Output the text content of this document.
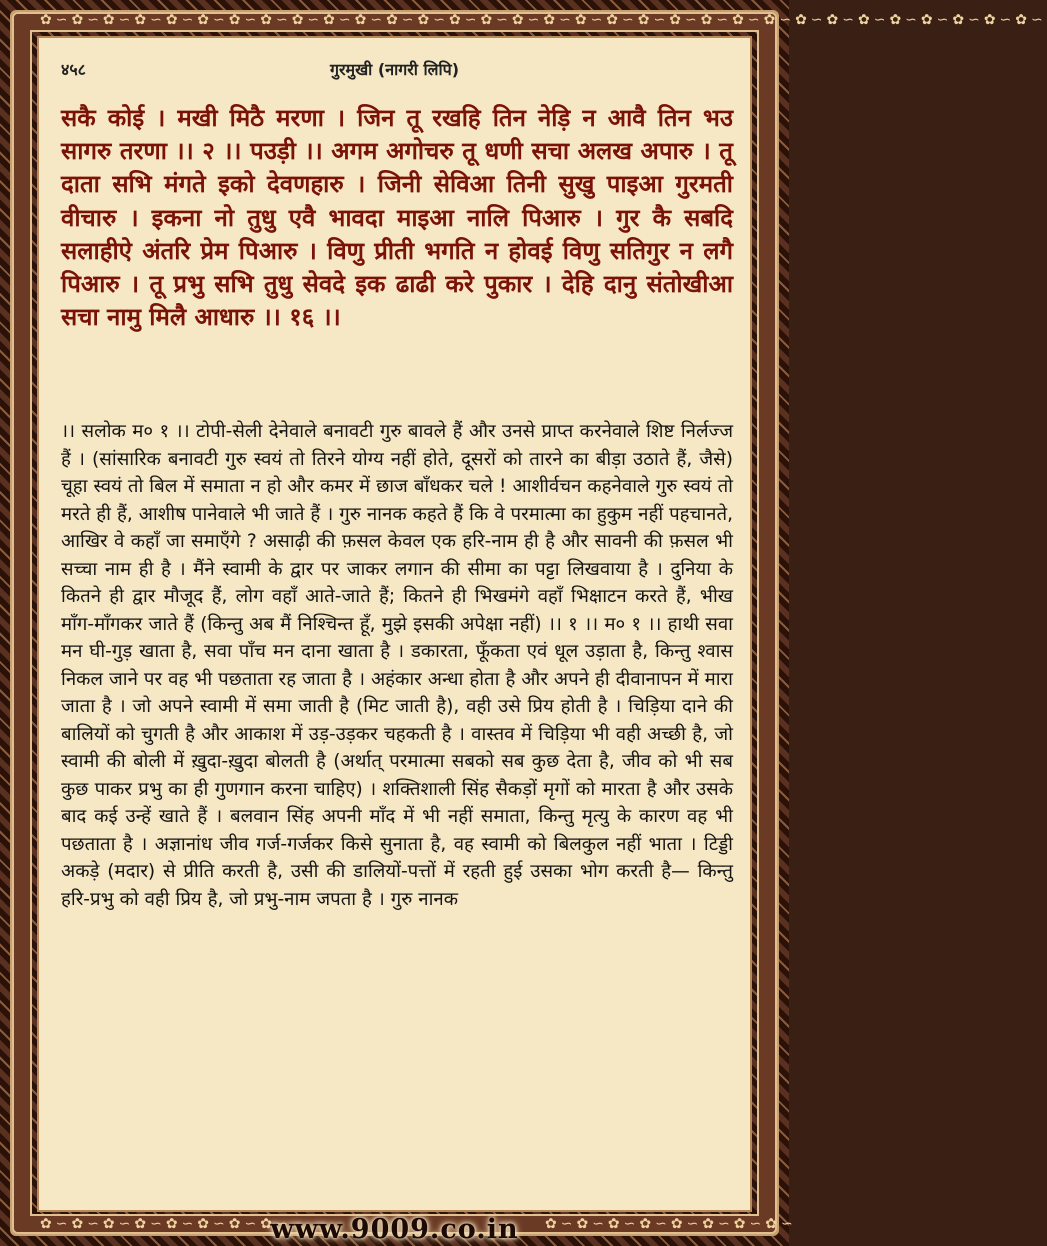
✿∽✿∽✿∽✿∽✿∽✿∽✿∽✿∽✿∽✿∽✿∽✿∽✿∽✿∽✿∽✿∽✿∽✿∽✿∽✿∽✿∽✿∽✿∽✿∽✿∽✿∽✿∽✿∽✿∽✿∽✿∽✿∽
✿∽✿∽✿∽✿∽✿∽✿∽✿∽✿∽	✿∽✿∽✿∽✿∽✿∽✿∽✿∽✿∽
४५८	गुरमुखी (नागरी लिपि)
सकै कोई । मखी मिठै मरणा । जिन तू रखहि तिन नेड़ि न आवै तिन भउ सागरु तरणा ।। २ ।। पउड़ी ।। अगम अगोचरु तू धणी सचा अलख अपारु । तू दाता सभि मंगते इको देवणहारु । जिनी सेविआ तिनी सुखु पाइआ गुरमती वीचारु । इकना नो तुधु एवै भावदा माइआ नालि पिआरु । गुर कै सबदि सलाहीऐ अंतरि प्रेम पिआरु । विणु प्रीती भगति न होवई विणु सतिगुर न लगै पिआरु । तू प्रभु सभि तुधु सेवदे इक ढाढी करे पुकार । देहि दानु संतोखीआ सचा नामु मिलै आधारु ।। १६ ।।
।। सलोक म० १ ।। टोपी-सेली देनेवाले बनावटी गुरु बावले हैं और उनसे प्राप्त करनेवाले शिष्ट निर्लज्ज हैं । (सांसारिक बनावटी गुरु स्वयं तो तिरने योग्य नहीं होते, दूसरों को तारने का बीड़ा उठाते हैं, जैसे) चूहा स्वयं तो बिल में समाता न हो और कमर में छाज बाँधकर चले ! आशीर्वचन कहनेवाले गुरु स्वयं तो मरते ही हैं, आशीष पानेवाले भी जाते हैं । गुरु नानक कहते हैं कि वे परमात्मा का हुकुम नहीं पहचानते, आखिर वे कहाँ जा समाएँगे ? असाढ़ी की फ़सल केवल एक हरि-नाम ही है और सावनी की फ़सल भी सच्चा नाम ही है । मैंने स्वामी के द्वार पर जाकर लगान की सीमा का पट्टा लिखवाया है । दुनिया के कितने ही द्वार मौजूद हैं, लोग वहाँ आते-जाते हैं; कितने ही भिखमंगे वहाँ भिक्षाटन करते हैं, भीख माँग-माँगकर जाते हैं (किन्तु अब मैं निश्चिन्त हूँ, मुझे इसकी अपेक्षा नहीं) ।। १ ।। म० १ ।। हाथी सवा मन घी-गुड़ खाता है, सवा पाँच मन दाना खाता है । डकारता, फूँकता एवं धूल उड़ाता है, किन्तु श्वास निकल जाने पर वह भी पछताता रह जाता है । अहंकार अन्धा होता है और अपने ही दीवानापन में मारा जाता है । जो अपने स्वामी में समा जाती है (मिट जाती है), वही उसे प्रिय होती है । चिड़िया दाने की बालियों को चुगती है और आकाश में उड़-उड़कर चहकती है । वास्तव में चिड़िया भी वही अच्छी है, जो स्वामी की बोली में ख़ुदा-ख़ुदा बोलती है (अर्थात् परमात्मा सबको सब कुछ देता है, जीव को भी सब कुछ पाकर प्रभु का ही गुणगान करना चाहिए) । शक्तिशाली सिंह सैकड़ों मृगों को मारता है और उसके बाद कई उन्हें खाते हैं । बलवान सिंह अपनी माँद में भी नहीं समाता, किन्तु मृत्यु के कारण वह भी पछताता है । अज्ञानांध जीव गर्ज-गर्जकर किसे सुनाता है, वह स्वामी को बिलकुल नहीं भाता । टिड्डी अकड़े (मदार) से प्रीति करती है, उसी की डालियों-पत्तों में रहती हुई उसका भोग करती है— किन्तु हरि-प्रभु को वही प्रिय है, जो प्रभु-नाम जपता है । गुरु नानक
www.9009.co.in
